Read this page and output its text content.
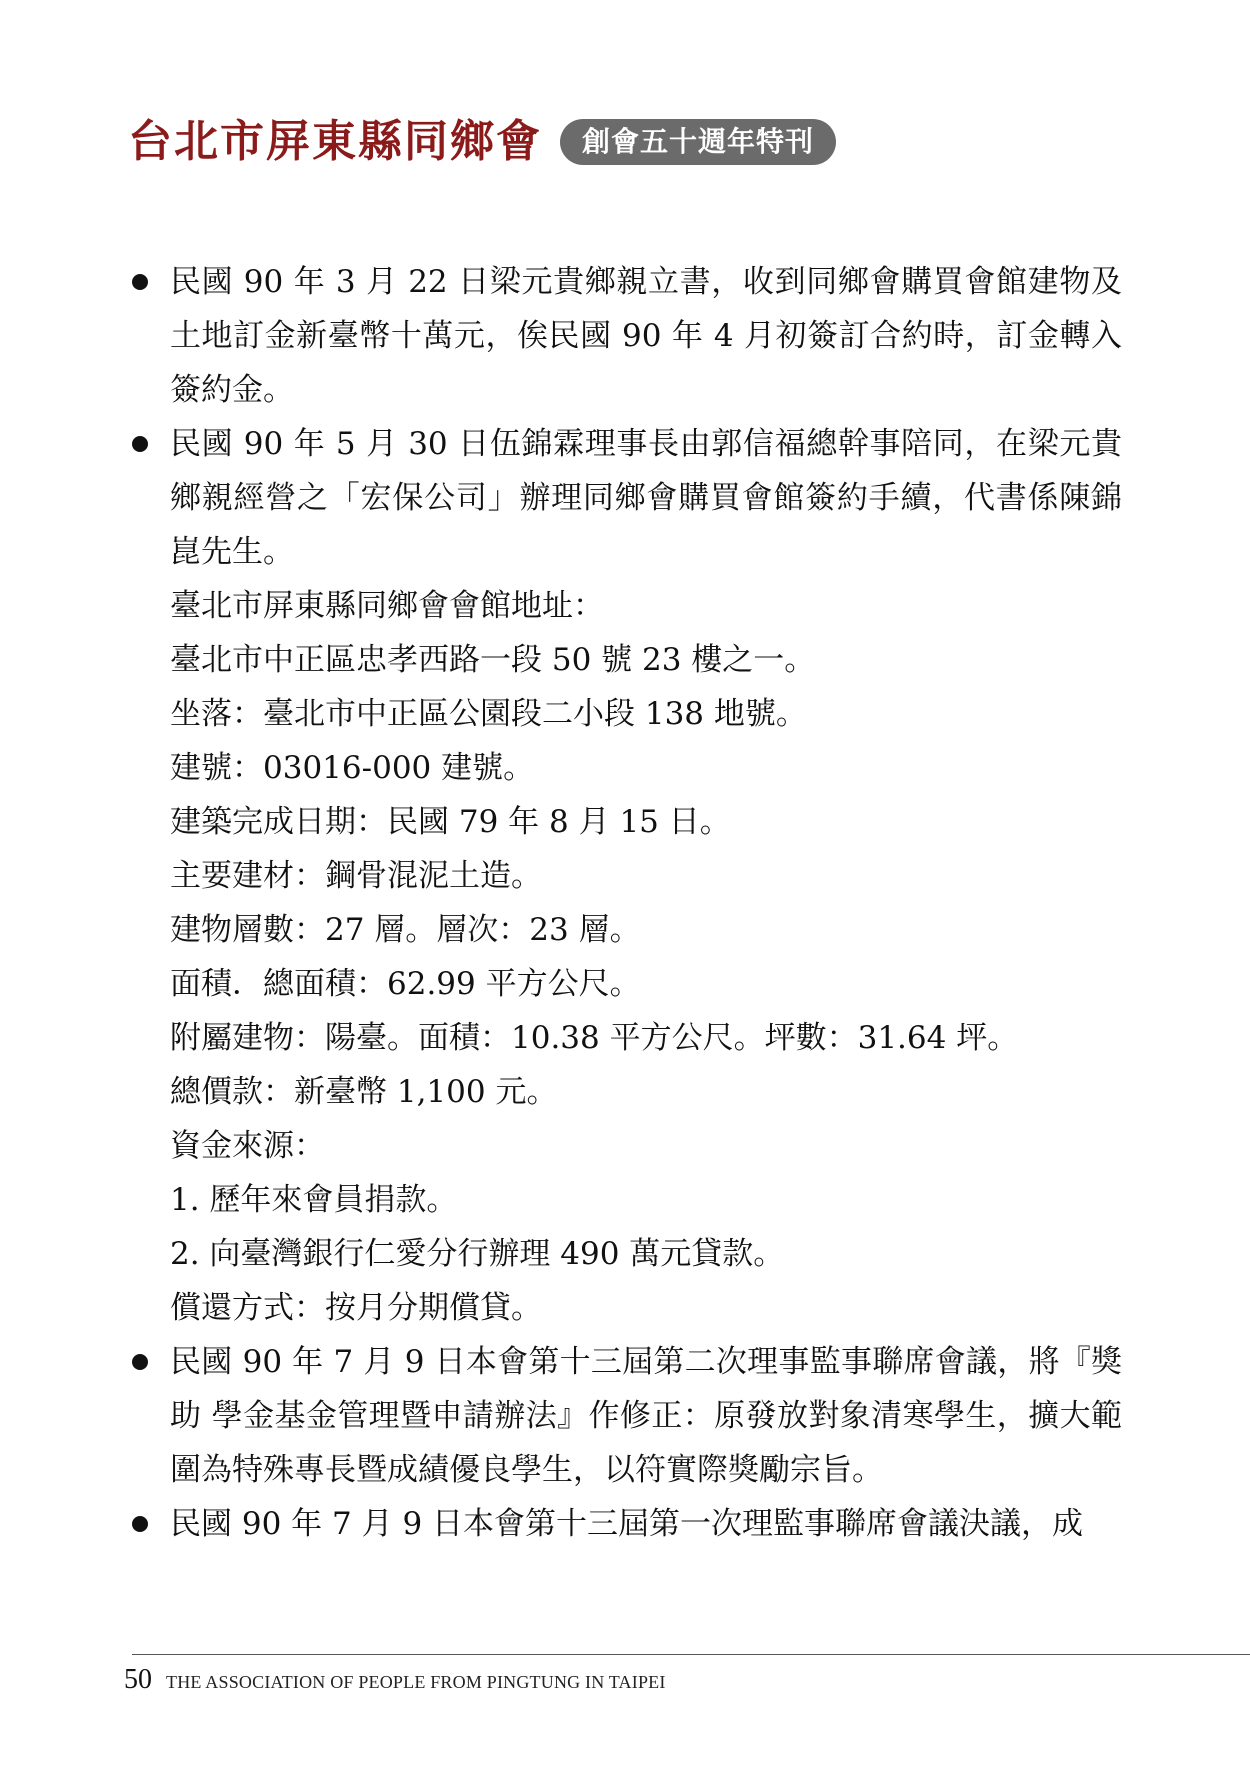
台北市屏東縣同鄉會	創會五十週年特刊
民國 90 年 3 月 22 日梁元貴鄉親立書，收到同鄉會購買會館建物及土地訂金新臺幣十萬元，俟民國 90 年 4 月初簽訂合約時，訂金轉入簽約金。
民國 90 年 5 月 30 日伍錦霖理事長由郭信福總幹事陪同，在梁元貴鄉親經營之「宏保公司」辦理同鄉會購買會館簽約手續，代書係陳錦崑先生。
臺北市屏東縣同鄉會會館地址：
臺北市中正區忠孝西路一段 50 號 23 樓之一。
坐落：臺北市中正區公園段二小段 138 地號。
建號：03016-000 建號。
建築完成日期：民國 79 年 8 月 15 日。
主要建材：鋼骨混泥土造。
建物層數：27 層。層次：23 層。
面積．總面積：62.99 平方公尺。
附屬建物：陽臺。面積：10.38 平方公尺。坪數：31.64 坪。
總價款：新臺幣 1,100 元。
資金來源：
1. 歷年來會員捐款。
2. 向臺灣銀行仁愛分行辦理 490 萬元貸款。
償還方式：按月分期償貸。
民國 90 年 7 月 9 日本會第十三屆第二次理事監事聯席會議，將『獎助 學金基金管理暨申請辦法』作修正：原發放對象清寒學生，擴大範圍為特殊專長暨成績優良學生，以符實際獎勵宗旨。
民國 90 年 7 月 9 日本會第十三屆第一次理監事聯席會議決議，成
50 THE ASSOCIATION OF PEOPLE FROM PINGTUNG IN TAIPEI
